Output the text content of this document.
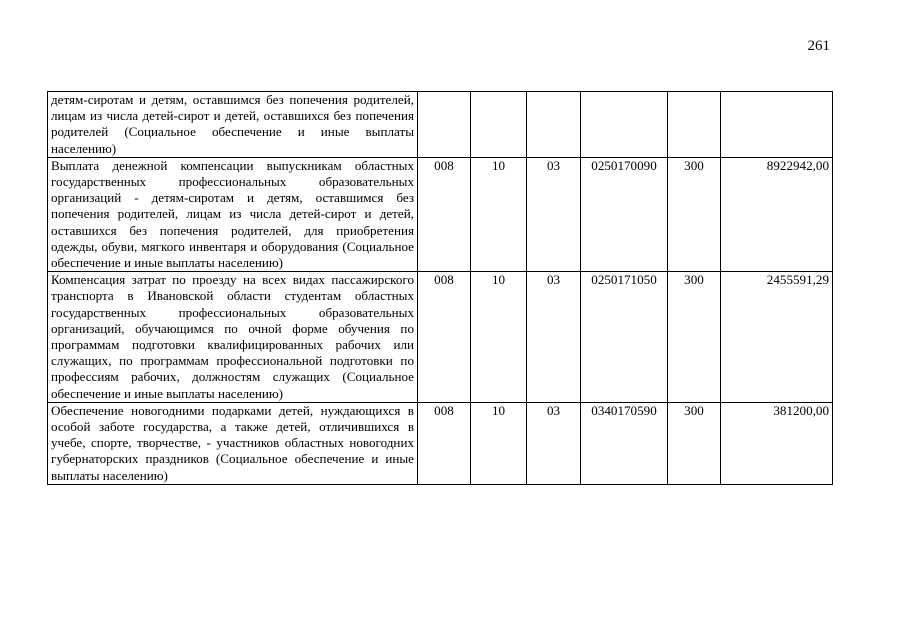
261
детям-сиротам и детям, оставшимся без попечения родителей, лицам из числа детей-сирот и детей, оставшихся без попечения родителей (Социальное обеспечение и иные выплаты населению)						
Выплата денежной компенсации выпускникам областных государственных профессиональных образовательных организаций - детям-сиротам и детям, оставшимся без попечения родителей, лицам из числа детей-сирот и детей, оставшихся без попечения родителей, для приобретения одежды, обуви, мягкого инвентаря и оборудования (Социальное обеспечение и иные выплаты населению)	008	10	03	0250170090	300	8922942,00
Компенсация затрат по проезду на всех видах пассажирского транспорта в Ивановской области студентам областных государственных профессиональных образовательных организаций, обучающимся по очной форме обучения по программам подготовки квалифицированных рабочих или служащих, по программам профессиональной подготовки по профессиям рабочих, должностям служащих (Социальное обеспечение и иные выплаты населению)	008	10	03	0250171050	300	2455591,29
Обеспечение новогодними подарками детей, нуждающихся в особой заботе государства, а также детей, отличившихся в учебе, спорте, творчестве, - участников областных новогодних губернаторских праздников (Социальное обеспечение и иные выплаты населению)	008	10	03	0340170590	300	381200,00
